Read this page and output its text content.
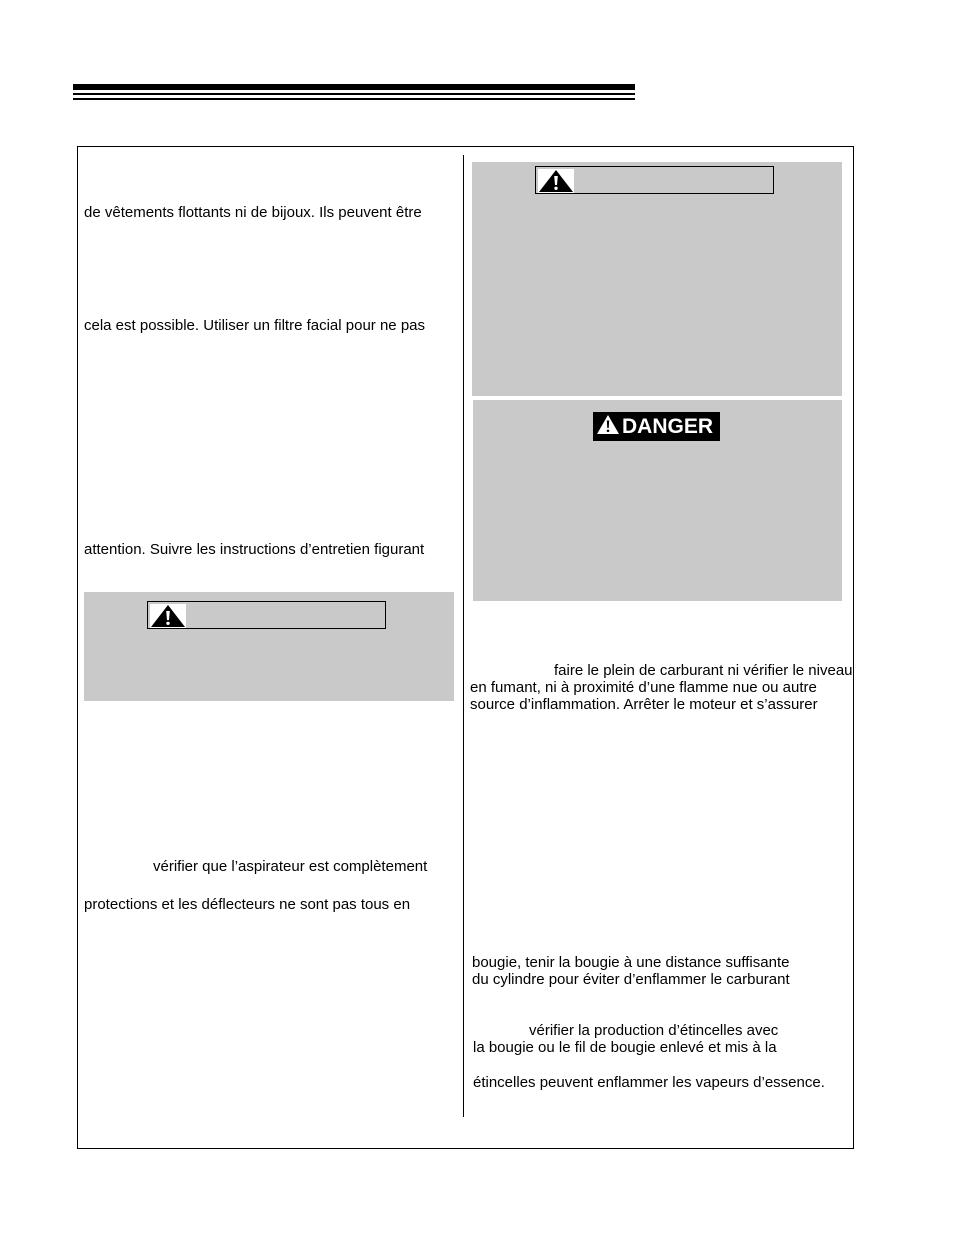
de vêtements flottants ni de bijoux. Ils peuvent être
cela est possible. Utiliser un filtre facial pour ne pas
attention. Suivre les instructions d’entretien figurant
vérifier que l’aspirateur est complètement
protections et les déflecteurs ne sont pas tous en
DANGER
faire le plein de carburant ni vérifier le niveau
en fumant, ni à proximité d’une flamme nue ou autre
source d’inflammation. Arrêter le moteur et s’assurer
bougie, tenir la bougie à une distance suffisante
du cylindre pour éviter d’enflammer le carburant
vérifier la production d’étincelles avec
la bougie ou le fil de bougie enlevé et mis à la
étincelles peuvent enflammer les vapeurs d’essence.
